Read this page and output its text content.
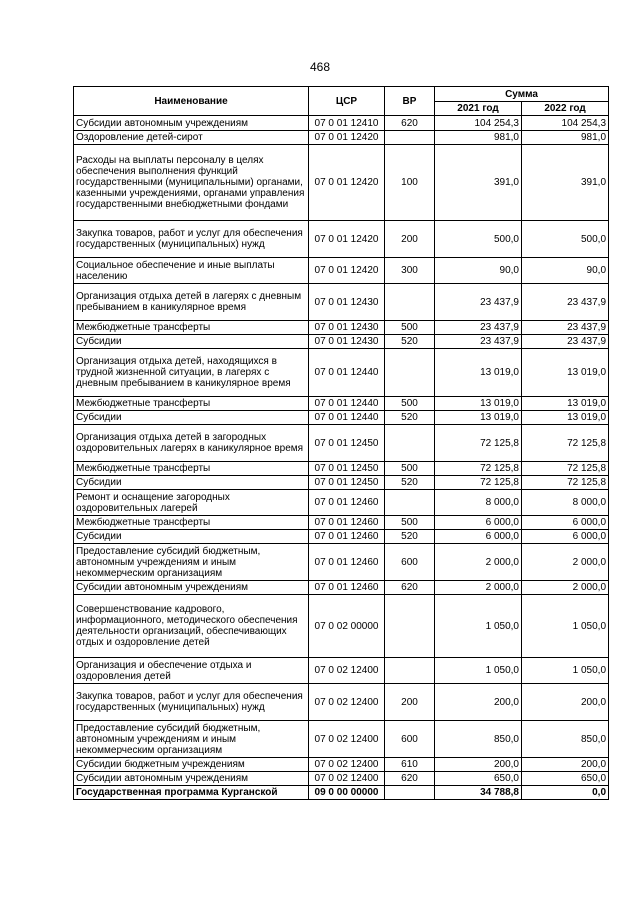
468
Наименование	ЦСР	ВР	Сумма	
			2021 год	2022 год
Субсидии автономным учреждениям	07 0 01 12410	620	104 254,3	104 254,3
Оздоровление детей-сирот	07 0 01 12420		981,0	981,0
Расходы на выплаты персоналу в целях обеспечения выполнения функций государственными (муниципальными) органами, казенными учреждениями, органами управления государственными внебюджетными фондами	07 0 01 12420	100	391,0	391,0
Закупка товаров, работ и услуг для обеспечения государственных (муниципальных) нужд	07 0 01 12420	200	500,0	500,0
Социальное обеспечение и иные выплаты населению	07 0 01 12420	300	90,0	90,0
Организация отдыха детей в лагерях с дневным пребыванием в каникулярное время	07 0 01 12430		23 437,9	23 437,9
Межбюджетные трансферты	07 0 01 12430	500	23 437,9	23 437,9
Субсидии	07 0 01 12430	520	23 437,9	23 437,9
Организация отдыха детей, находящихся в трудной жизненной ситуации, в лагерях с дневным пребыванием в каникулярное время	07 0 01 12440		13 019,0	13 019,0
Межбюджетные трансферты	07 0 01 12440	500	13 019,0	13 019,0
Субсидии	07 0 01 12440	520	13 019,0	13 019,0
Организация отдыха детей в загородных оздоровительных лагерях в каникулярное время	07 0 01 12450		72 125,8	72 125,8
Межбюджетные трансферты	07 0 01 12450	500	72 125,8	72 125,8
Субсидии	07 0 01 12450	520	72 125,8	72 125,8
Ремонт и оснащение загородных оздоровительных лагерей	07 0 01 12460		8 000,0	8 000,0
Межбюджетные трансферты	07 0 01 12460	500	6 000,0	6 000,0
Субсидии	07 0 01 12460	520	6 000,0	6 000,0
Предоставление субсидий бюджетным, автономным учреждениям и иным некоммерческим организациям	07 0 01 12460	600	2 000,0	2 000,0
Субсидии автономным учреждениям	07 0 01 12460	620	2 000,0	2 000,0
Совершенствование кадрового, информационного, методического обеспечения деятельности организаций, обеспечивающих отдых и оздоровление детей	07 0 02 00000		1 050,0	1 050,0
Организация и обеспечение отдыха и оздоровления детей	07 0 02 12400		1 050,0	1 050,0
Закупка товаров, работ и услуг для обеспечения государственных (муниципальных) нужд	07 0 02 12400	200	200,0	200,0
Предоставление субсидий бюджетным, автономным учреждениям и иным некоммерческим организациям	07 0 02 12400	600	850,0	850,0
Субсидии бюджетным учреждениям	07 0 02 12400	610	200,0	200,0
Субсидии автономным учреждениям	07 0 02 12400	620	650,0	650,0
Государственная программа Курганской	09 0 00 00000		34 788,8	0,0
